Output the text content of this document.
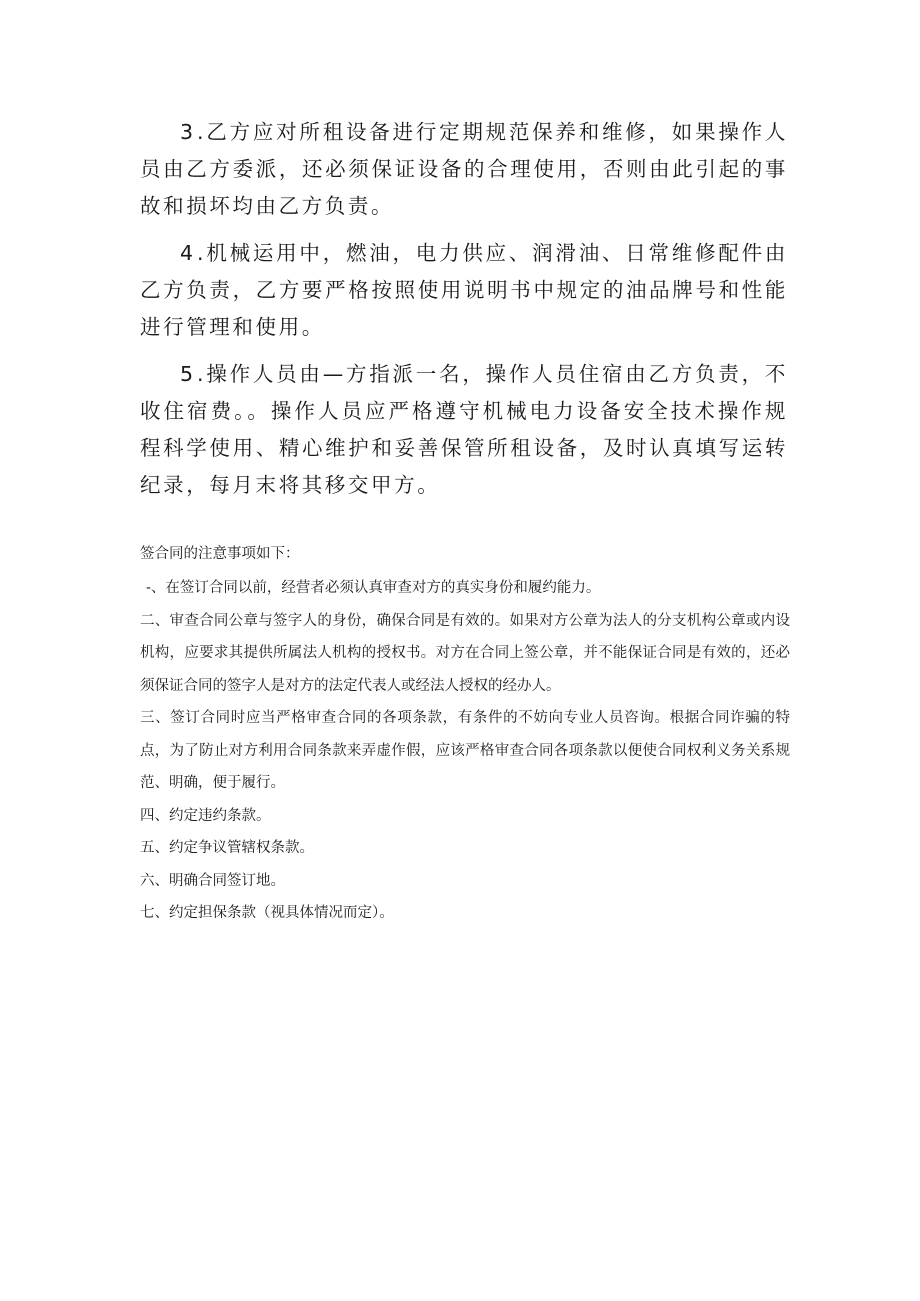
3.乙方应对所租设备进行定期规范保养和维修，如果操作人员由乙方委派，还必须保证设备的合理使用，否则由此引起的事故和损坏均由乙方负责。

4.机械运用中，燃油，电力供应、润滑油、日常维修配件由乙方负责，乙方要严格按照使用说明书中规定的油品牌号和性能进行管理和使用。

5.操作人员由—方指派一名，操作人员住宿由乙方负责，不收住宿费。。操作人员应严格遵守机械电力设备安全技术操作规程科学使用、精心维护和妥善保管所租设备，及时认真填写运转纪录，每月末将其移交甲方。

签合同的注意事项如下：

-、在签订合同以前，经营者必须认真审查对方的真实身份和履约能力。

二、审查合同公章与签字人的身份，确保合同是有效的。如果对方公章为法人的分支机构公章或内设机构，应要求其提供所属法人机构的授权书。对方在合同上签公章，并不能保证合同是有效的，还必须保证合同的签字人是对方的法定代表人或经法人授权的经办人。

三、签订合同时应当严格审查合同的各项条款，有条件的不妨向专业人员咨询。根据合同诈骗的特点，为了防止对方利用合同条款来弄虚作假，应该严格审查合同各项条款以便使合同权利义务关系规范、明确，便于履行。

四、约定违约条款。

五、约定争议管辖权条款。

六、明确合同签订地。

七、约定担保条款（视具体情况而定）。
